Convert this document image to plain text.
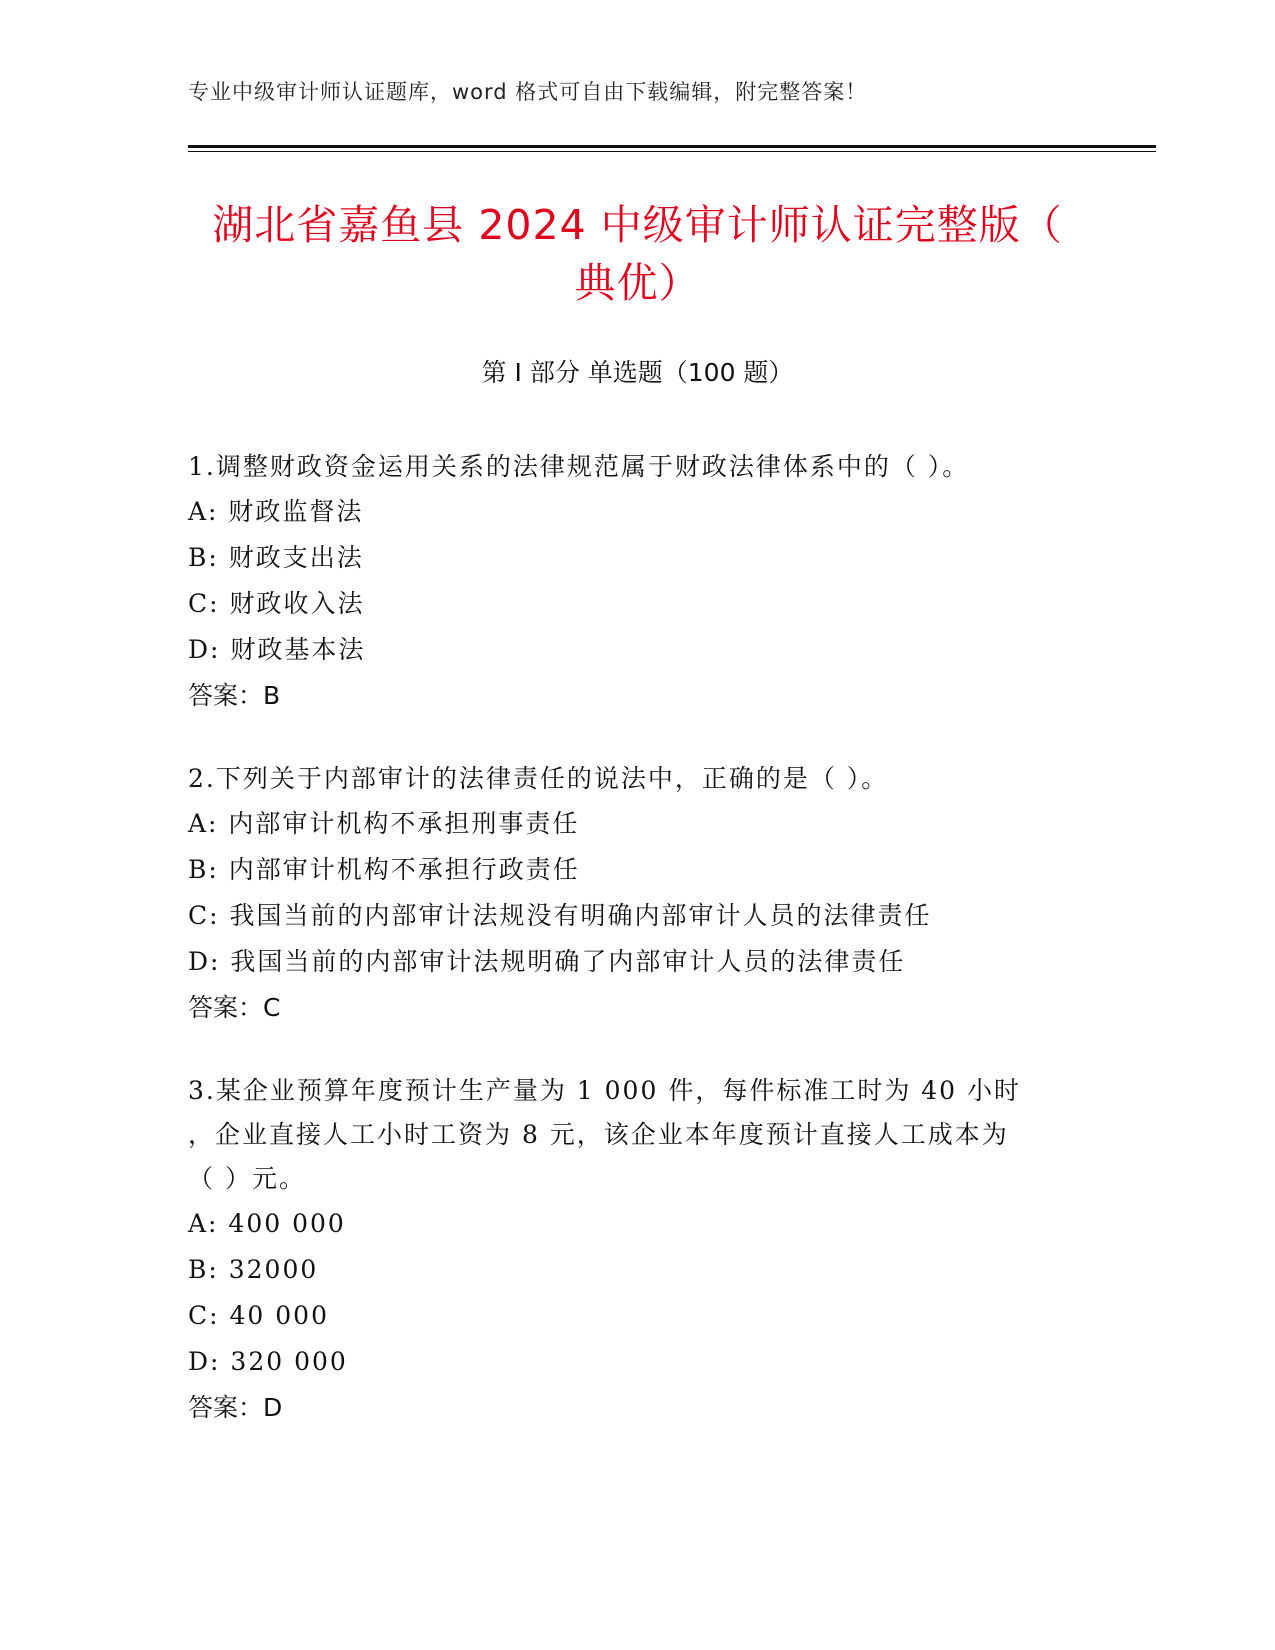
专业中级审计师认证题库，word 格式可自由下载编辑，附完整答案！
湖北省嘉鱼县 2024 中级审计师认证完整版（
典优）
第 I 部分 单选题（100 题）
1.调整财政资金运用关系的法律规范属于财政法律体系中的（ ）。
A: 财政监督法
B: 财政支出法
C: 财政收入法
D: 财政基本法
答案：B
2.下列关于内部审计的法律责任的说法中，正确的是（ ）。
A: 内部审计机构不承担刑事责任
B: 内部审计机构不承担行政责任
C: 我国当前的内部审计法规没有明确内部审计人员的法律责任
D: 我国当前的内部审计法规明确了内部审计人员的法律责任
答案：C
3.某企业预算年度预计生产量为 1 000 件，每件标准工时为 40 小时
，企业直接人工小时工资为 8 元，该企业本年度预计直接人工成本为
（ ）元。
A: 400 000
B: 32000
C: 40 000
D: 320 000
答案：D
